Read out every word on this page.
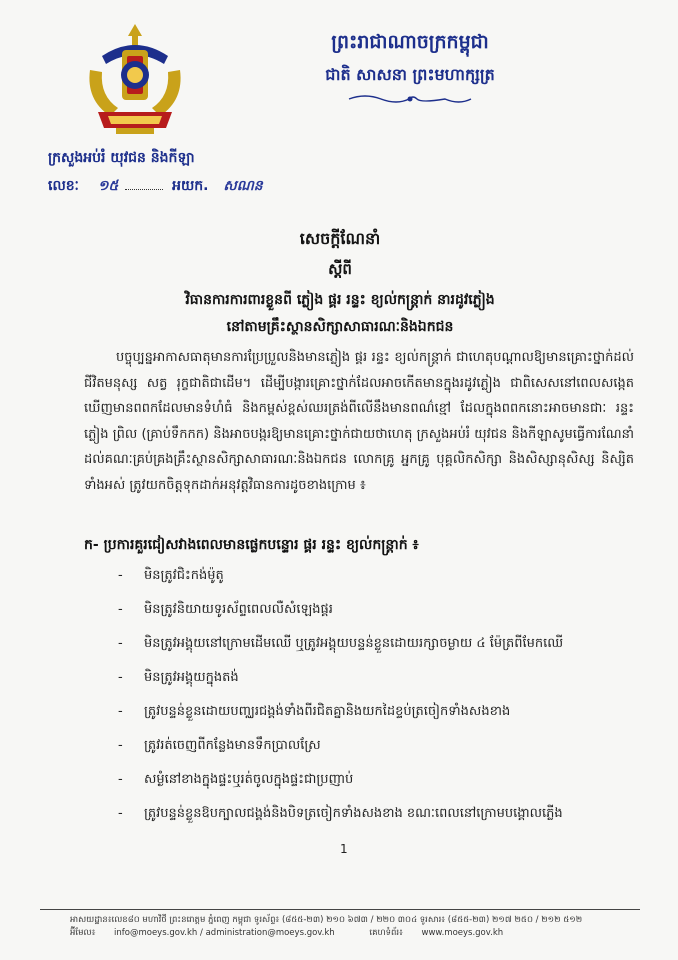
ព្រះរាជាណាចក្រកម្ពុជា
ជាតិ សាសនា ព្រះមហាក្សត្រ
ក្រសួងអប់រំ យុវជន និងកីឡា
លេខៈ ១៥	អយក. សណន
សេចក្តីណែនាំ
ស្តីពី
វិធានការការពារខ្លួនពី ភ្លៀង ផ្គរ រន្ទះ ខ្យល់កន្ត្រាក់ នារដូវភ្លៀង
នៅតាមគ្រឹះស្ថានសិក្សាសាធារណៈនិងឯកជន
បច្ចុប្បន្នអាកាសធាតុមានការប្រែប្រួលនិងមានភ្លៀង ផ្គរ រន្ទះ ខ្យល់កន្ត្រាក់ ជាហេតុបណ្តាលឱ្យមានគ្រោះថ្នាក់ដល់ជីវិតមនុស្ស សត្វ រុក្ខជាតិជាដើម។ ដើម្បីបង្ការគ្រោះថ្នាក់ដែលអាចកើតមានក្នុងរដូវភ្លៀង ជាពិសេសនៅពេលសង្កេតឃើញមានពពកដែលមានទំហំធំ និងកម្ពស់ខ្ពស់ឈរត្រង់ពីលើនឹងមានពណ៌ខ្មៅ ដែលក្នុងពពកនោះអាចមានជាៈ រន្ទះ ភ្លៀង ព្រិល (គ្រាប់ទឹកកក) និងអាចបង្ករឱ្យមានគ្រោះថ្នាក់ជាយថាហេតុ ក្រសួងអប់រំ យុវជន និងកីឡាសូមធ្វើការណែនាំដល់គណៈគ្រប់គ្រងគ្រឹះស្ថានសិក្សាសាធារណៈនិងឯកជន លោកគ្រូ អ្នកគ្រូ បុគ្គលិកសិក្សា និងសិស្សានុសិស្ស និស្សិតទាំងអស់ ត្រូវយកចិត្តទុកដាក់អនុវត្តវិធានការដូចខាងក្រោម ៖
ក- ប្រការគួរជៀសវាងពេលមានផ្លេកបន្ទោរ ផ្គរ រន្ទះ ខ្យល់កន្ត្រាក់ ៖
- មិនត្រូវជិះកង់ម៉ូតូ
- មិនត្រូវនិយាយទូរស័ព្ទពេលលឺសំឡេងផ្គរ
- មិនត្រូវអង្គុយនៅក្រោមដើមឈើ ឬត្រូវអង្គុយបន្ទន់ខ្លួនដោយរក្សាចម្ងាយ ៤ ម៉ែត្រពីមែកឈើ
- មិនត្រូវអង្គុយក្នុងតង់
- ត្រូវបន្ទន់ខ្លួនដោយបញ្ឈរជង្គង់ទាំងពីរជិតគ្នានិងយកដៃខ្ទប់ត្រចៀកទាំងសងខាង
- ត្រូវរត់ចេញពីកន្លែងមានទឹកប្រាលស្រែ
- សម្ងំនៅខាងក្នុងផ្ទះឬរត់ចូលក្នុងផ្ទះជាប្រញាប់
- ត្រូវបន្ទន់ខ្លួនឱបក្បាលជង្គង់និងបិទត្រចៀកទាំងសងខាង ខណៈពេលនៅក្រោមបង្គោលភ្លើង
1
អាសយដ្ឋាន៖លេខ៨០ មហាវិថី ព្រះនរោត្តម ភ្នំពេញ កម្ពុជា ទូរស័ព្ទ៖ (៨៥៥-២៣) ២១០ ៦៧៣ / ២២០ ៣០៤ ទូរសារ៖ (៨៥៥-២៣) ២១៧ ២៥០ / ២១២ ៥១២
អ៊ីមែល៖ info@moeys.gov.kh / administration@moeys.gov.kh	គេហទំព័រ៖ www.moeys.gov.kh
